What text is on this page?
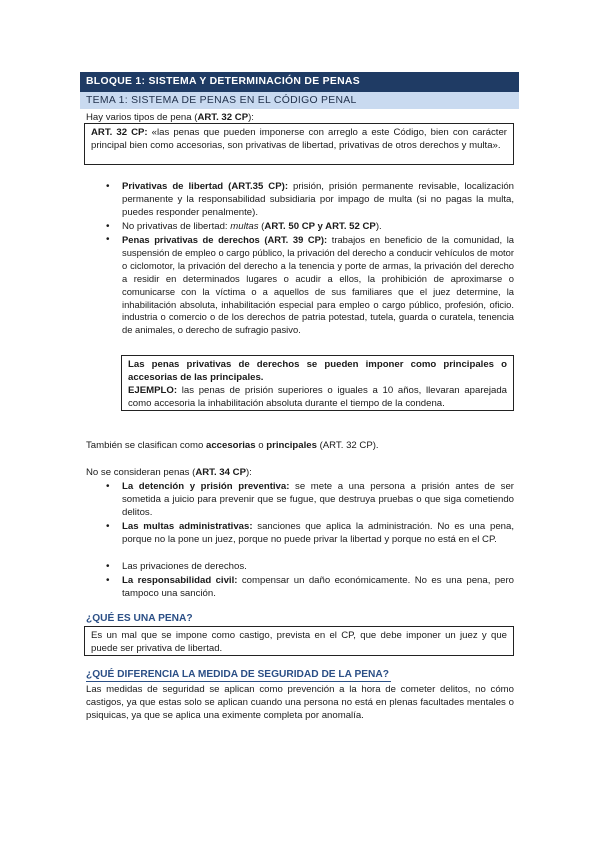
BLOQUE 1: SISTEMA Y DETERMINACIÓN DE PENAS
TEMA 1: SISTEMA DE PENAS EN EL CÓDIGO PENAL
Hay varios tipos de pena (ART. 32 CP):
ART. 32 CP: «las penas que pueden imponerse con arreglo a este Código, bien con carácter principal bien como accesorias, son privativas de libertad, privativas de otros derechos y multa».
• Privativas de libertad (ART.35 CP): prisión, prisión permanente revisable, localización permanente y la responsabilidad subsidiaria por impago de multa (si no pagas la multa, puedes responder penalmente).
• No privativas de libertad: multas (ART. 50 CP y ART. 52 CP).
• Penas privativas de derechos (ART. 39 CP): trabajos en beneficio de la comunidad, la suspensión de empleo o cargo público, la privación del derecho a conducir vehículos de motor o ciclomotor, la privación del derecho a la tenencia y porte de armas, la privación del derecho a residir en determinados lugares o acudir a ellos, la prohibición de aproximarse o comunicarse con la víctima o a aquellos de sus familiares que el juez determine, la inhabilitación absoluta, inhabilitación especial para empleo o cargo público, profesión, oficio. industria o comercio o de los derechos de patria potestad, tutela, guarda o curatela, tenencia de animales, o derecho de sufragio pasivo.
Las penas privativas de derechos se pueden imponer como principales o accesorias de las principales.
EJEMPLO: las penas de prisión superiores o iguales a 10 años, llevaran aparejada como accesoria la inhabilitación absoluta durante el tiempo de la condena.
También se clasifican como accesorias o principales (ART. 32 CP).
No se consideran penas (ART. 34 CP):
• La detención y prisión preventiva: se mete a una persona a prisión antes de ser sometida a juicio para prevenir que se fugue, que destruya pruebas o que siga cometiendo delitos.
• Las multas administrativas: sanciones que aplica la administración. No es una pena, porque no la pone un juez, porque no puede privar la libertad y porque no está en el CP.
• Las privaciones de derechos.
• La responsabilidad civil: compensar un daño económicamente. No es una pena, pero tampoco una sanción.
¿QUÉ ES UNA PENA?
Es un mal que se impone como castigo, prevista en el CP, que debe imponer un juez y que puede ser privativa de libertad.
¿QUÉ DIFERENCIA LA MEDIDA DE SEGURIDAD DE LA PENA?
Las medidas de seguridad se aplican como prevención a la hora de cometer delitos, no cómo castigos, ya que estas solo se aplican cuando una persona no está en plenas facultades mentales o psiquicas, ya que se aplica una eximente completa por anomalía.
